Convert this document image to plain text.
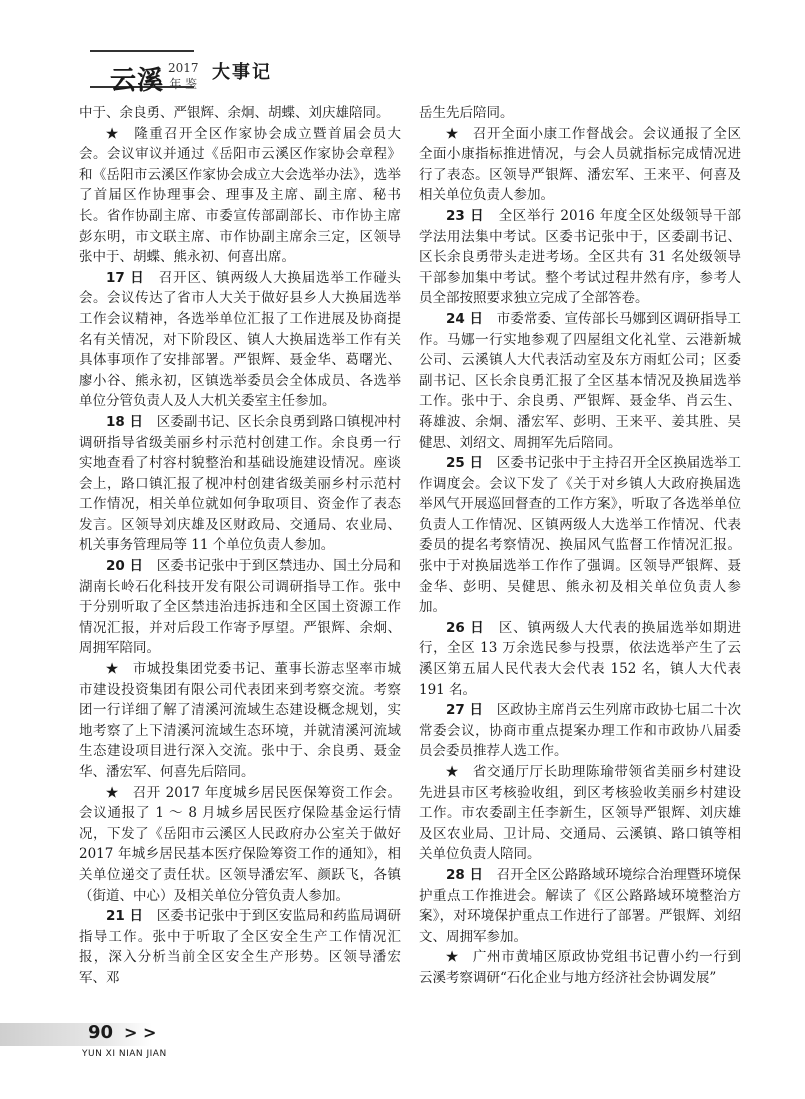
云溪 2017
年 鉴
大事记

中于、余良勇、严银辉、余炯、胡蝶、刘庆雄陪同。

★　 隆重召开全区作家协会成立暨首届会员大会。会议审议并通过《岳阳市云溪区作家协会章程》和《岳阳市云溪区作家协会成立大会选举办法》，选举了首届区作协理事会、理事及主席、副主席、秘书长。省作协副主席、市委宣传部副部长、市作协主席彭东明，市文联主席、市作协副主席余三定，区领导张中于、胡蝶、熊永初、何喜出席。

17 日　 召开区、镇两级人大换届选举工作碰头会。会议传达了省市人大关于做好县乡人大换届选举工作会议精神，各选举单位汇报了工作进展及协商提名有关情况，对下阶段区、镇人大换届选举工作有关具体事项作了安排部署。严银辉、聂金华、葛曙光、廖小谷、熊永初，区镇选举委员会全体成员、各选举单位分管负责人及人大机关委室主任参加。

18 日　 区委副书记、区长余良勇到路口镇枧冲村调研指导省级美丽乡村示范村创建工作。余良勇一行实地查看了村容村貌整治和基础设施建设情况。座谈会上，路口镇汇报了枧冲村创建省级美丽乡村示范村工作情况，相关单位就如何争取项目、资金作了表态发言。区领导刘庆雄及区财政局、交通局、农业局、机关事务管理局等 11 个单位负责人参加。

20 日　 区委书记张中于到区禁违办、国土分局和湖南长岭石化科技开发有限公司调研指导工作。张中于分别听取了全区禁违治违拆违和全区国土资源工作情况汇报，并对后段工作寄予厚望。严银辉、余炯、周拥军陪同。

★　 市城投集团党委书记、董事长游志坚率市城市建设投资集团有限公司代表团来到考察交流。考察团一行详细了解了清溪河流域生态建设概念规划，实地考察了上下清溪河流域生态环境，并就清溪河流域生态建设项目进行深入交流。张中于、余良勇、聂金华、潘宏军、何喜先后陪同。

★　 召开 2017 年度城乡居民医保筹资工作会。会议通报了 1 ～ 8 月城乡居民医疗保险基金运行情况，下发了《岳阳市云溪区人民政府办公室关于做好 2017 年城乡居民基本医疗保险筹资工作的通知》，相关单位递交了责任状。区领导潘宏军、颜跃飞，各镇（街道、中心）及相关单位分管负责人参加。

21 日　 区委书记张中于到区安监局和药监局调研指导工作。张中于听取了全区安全生产工作情况汇报，深入分析当前全区安全生产形势。区领导潘宏军、邓

岳生先后陪同。

★　 召开全面小康工作督战会。会议通报了全区全面小康指标推进情况，与会人员就指标完成情况进行了表态。区领导严银辉、潘宏军、王来平、何喜及相关单位负责人参加。

23 日　 全区举行 2016 年度全区处级领导干部学法用法集中考试。区委书记张中于，区委副书记、区长余良勇带头走进考场。全区共有 31 名处级领导干部参加集中考试。整个考试过程井然有序，参考人员全部按照要求独立完成了全部答卷。

24 日　 市委常委、宣传部长马娜到区调研指导工作。马娜一行实地参观了四屋组文化礼堂、云港新城公司、云溪镇人大代表活动室及东方雨虹公司；区委副书记、区长余良勇汇报了全区基本情况及换届选举工作。张中于、余良勇、严银辉、聂金华、肖云生、蒋雄波、余炯、潘宏军、彭明、王来平、姜其胜、吴健思、刘绍文、周拥军先后陪同。

25 日　 区委书记张中于主持召开全区换届选举工作调度会。会议下发了《关于对乡镇人大政府换届选举风气开展巡回督查的工作方案》，听取了各选举单位负责人工作情况、区镇两级人大选举工作情况、代表委员的提名考察情况、换届风气监督工作情况汇报。张中于对换届选举工作作了强调。区领导严银辉、聂金华、彭明、吴健思、熊永初及相关单位负责人参加。

26 日　 区、镇两级人大代表的换届选举如期进行，全区 13 万余选民参与投票，依法选举产生了云溪区第五届人民代表大会代表 152 名，镇人大代表 191 名。

27 日　 区政协主席肖云生列席市政协七届二十次常委会议，协商市重点提案办理工作和市政协八届委员会委员推荐人选工作。

★　 省交通厅厅长助理陈瑜带领省美丽乡村建设先进县市区考核验收组，到区考核验收美丽乡村建设工作。市农委副主任李新生，区领导严银辉、刘庆雄及区农业局、卫计局、交通局、云溪镇、路口镇等相关单位负责人陪同。

28 日　 召开全区公路路域环境综合治理暨环境保护重点工作推进会。解读了《区公路路域环境整治方案》，对环境保护重点工作进行了部署。严银辉、刘绍文、周拥军参加。

★　 广州市黄埔区原政协党组书记曹小约一行到云溪考察调研“石化企业与地方经济社会协调发展”

90 > >
YUN XI NIAN JIAN
